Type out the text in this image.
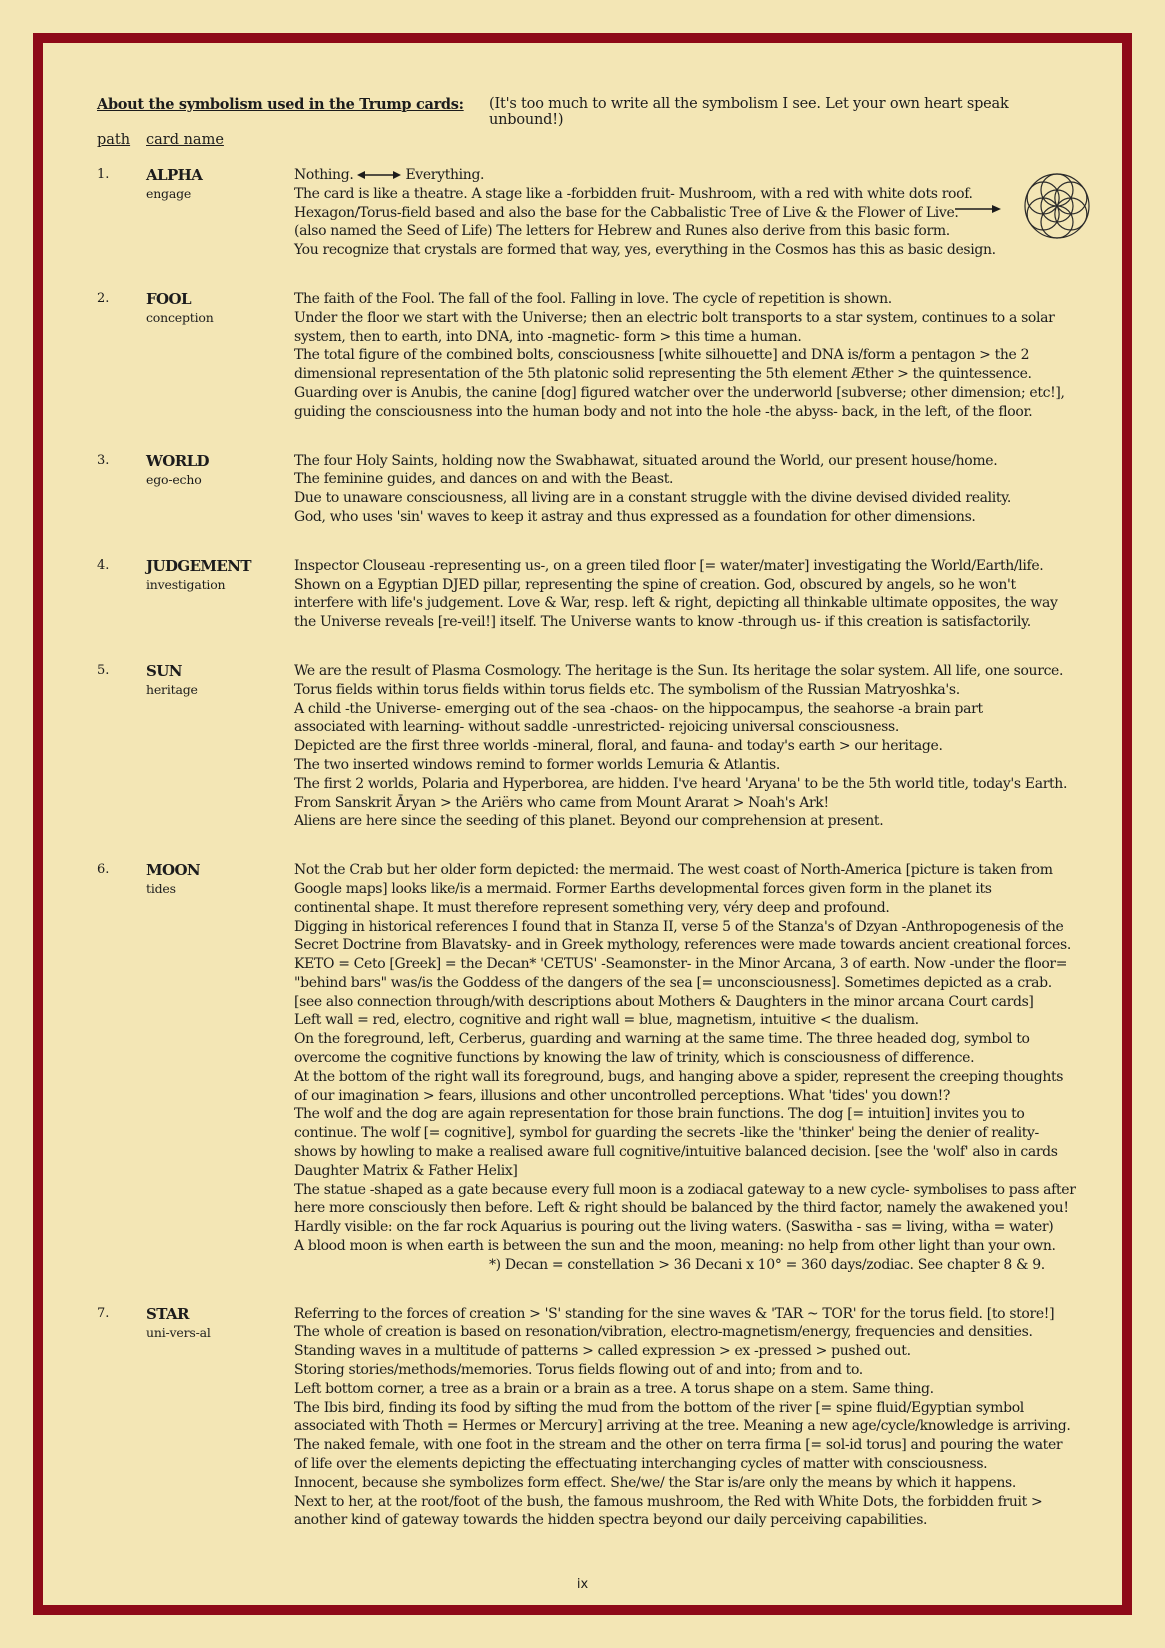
About the symbolism used in the Trump cards: (It's too much to write all the symbolism I see. Let your own heart speak unbound!)
path card name
1. ALPHA
engage
Nothing.	Everything.
The card is like a theatre. A stage like a -forbidden fruit- Mushroom, with a red with white dots roof.
Hexagon/Torus-field based and also the base for the Cabbalistic Tree of Live & the Flower of Live.
(also named the Seed of Life) The letters for Hebrew and Runes also derive from this basic form.
You recognize that crystals are formed that way, yes, everything in the Cosmos has this as basic design.
2. FOOL
conception
The faith of the Fool. The fall of the fool. Falling in love. The cycle of repetition is shown.
Under the floor we start with the Universe; then an electric bolt transports to a star system, continues to a solar
system, then to earth, into DNA, into -magnetic- form > this time a human.
The total figure of the combined bolts, consciousness [white silhouette] and DNA is/form a pentagon > the 2
dimensional representation of the 5th platonic solid representing the 5th element Æther > the quintessence.
Guarding over is Anubis, the canine [dog] figured watcher over the underworld [subverse; other dimension; etc!],
guiding the consciousness into the human body and not into the hole -the abyss- back, in the left, of the floor.
3. WORLD
ego-echo
The four Holy Saints, holding now the Swabhawat, situated around the World, our present house/home.
The feminine guides, and dances on and with the Beast.
Due to unaware consciousness, all living are in a constant struggle with the divine devised divided reality.
God, who uses 'sin' waves to keep it astray and thus expressed as a foundation for other dimensions.
4. JUDGEMENT
investigation
Inspector Clouseau -representing us-, on a green tiled floor [= water/mater] investigating the World/Earth/life.
Shown on a Egyptian DJED pillar, representing the spine of creation. God, obscured by angels, so he won't
interfere with life's judgement. Love & War, resp. left & right, depicting all thinkable ultimate opposites, the way
the Universe reveals [re-veil!] itself. The Universe wants to know -through us- if this creation is satisfactorily.
5. SUN
heritage
We are the result of Plasma Cosmology. The heritage is the Sun. Its heritage the solar system. All life, one source.
Torus fields within torus fields within torus fields etc. The symbolism of the Russian Matryoshka's.
A child -the Universe- emerging out of the sea -chaos- on the hippocampus, the seahorse -a brain part
associated with learning- without saddle -unrestricted- rejoicing universal consciousness.
Depicted are the first three worlds -mineral, floral, and fauna- and today's earth > our heritage.
The two inserted windows remind to former worlds Lemuria & Atlantis.
The first 2 worlds, Polaria and Hyperborea, are hidden. I've heard 'Aryana' to be the 5th world title, today's Earth.
From Sanskrit Āryan > the Ariërs who came from Mount Ararat > Noah's Ark!
Aliens are here since the seeding of this planet. Beyond our comprehension at present.
6. MOON
tides
Not the Crab but her older form depicted: the mermaid. The west coast of North-America [picture is taken from
Google maps] looks like/is a mermaid. Former Earths developmental forces given form in the planet its
continental shape. It must therefore represent something very, véry deep and profound.
Digging in historical references I found that in Stanza II, verse 5 of the Stanza's of Dzyan -Anthropogenesis of the
Secret Doctrine from Blavatsky- and in Greek mythology, references were made towards ancient creational forces.
KETO = Ceto [Greek] = the Decan* 'CETUS' -Seamonster- in the Minor Arcana, 3 of earth. Now -under the floor=
"behind bars" was/is the Goddess of the dangers of the sea [= unconsciousness]. Sometimes depicted as a crab.
[see also connection through/with descriptions about Mothers & Daughters in the minor arcana Court cards]
Left wall = red, electro, cognitive and right wall = blue, magnetism, intuitive < the dualism.
On the foreground, left, Cerberus, guarding and warning at the same time. The three headed dog, symbol to
overcome the cognitive functions by knowing the law of trinity, which is consciousness of difference.
At the bottom of the right wall its foreground, bugs, and hanging above a spider, represent the creeping thoughts
of our imagination > fears, illusions and other uncontrolled perceptions. What 'tides' you down!?
The wolf and the dog are again representation for those brain functions. The dog [= intuition] invites you to
continue. The wolf [= cognitive], symbol for guarding the secrets -like the 'thinker' being the denier of reality-
shows by howling to make a realised aware full cognitive/intuitive balanced decision. [see the 'wolf' also in cards
Daughter Matrix & Father Helix]
The statue -shaped as a gate because every full moon is a zodiacal gateway to a new cycle- symbolises to pass after
here more consciously then before. Left & right should be balanced by the third factor, namely the awakened you!
Hardly visible: on the far rock Aquarius is pouring out the living waters. (Saswitha - sas = living, witha = water)
A blood moon is when earth is between the sun and the moon, meaning: no help from other light than your own.
*) Decan = constellation > 36 Decani x 10° = 360 days/zodiac. See chapter 8 & 9.
7. STAR
uni-vers-al
Referring to the forces of creation > 'S' standing for the sine waves & 'TAR ~ TOR' for the torus field. [to store!]
The whole of creation is based on resonation/vibration, electro-magnetism/energy, frequencies and densities.
Standing waves in a multitude of patterns > called expression > ex -pressed > pushed out.
Storing stories/methods/memories. Torus fields flowing out of and into; from and to.
Left bottom corner, a tree as a brain or a brain as a tree. A torus shape on a stem. Same thing.
The Ibis bird, finding its food by sifting the mud from the bottom of the river [= spine fluid/Egyptian symbol
associated with Thoth = Hermes or Mercury] arriving at the tree. Meaning a new age/cycle/knowledge is arriving.
The naked female, with one foot in the stream and the other on terra firma [= sol-id torus] and pouring the water
of life over the elements depicting the effectuating interchanging cycles of matter with consciousness.
Innocent, because she symbolizes form effect. She/we/ the Star is/are only the means by which it happens.
Next to her, at the root/foot of the bush, the famous mushroom, the Red with White Dots, the forbidden fruit >
another kind of gateway towards the hidden spectra beyond our daily perceiving capabilities.
ix
